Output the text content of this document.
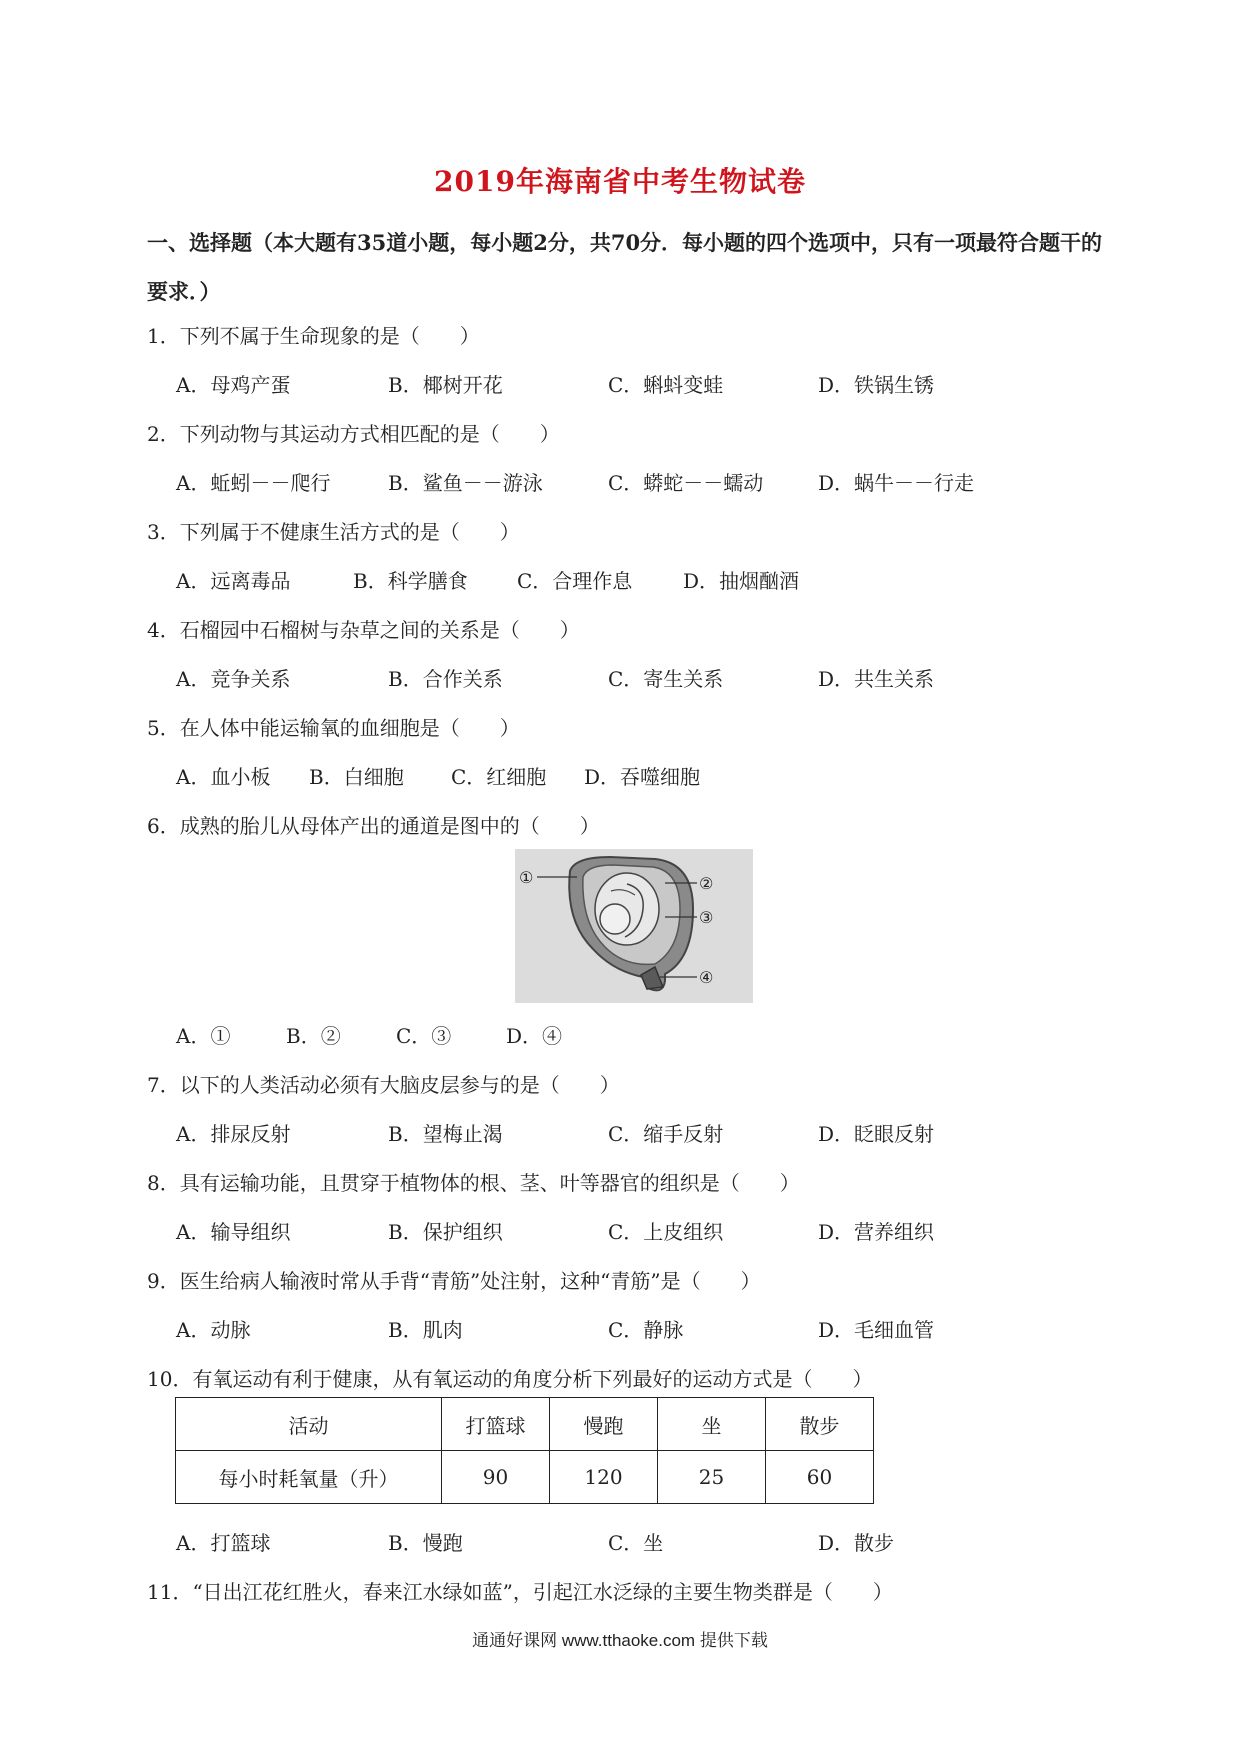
2019年海南省中考生物试卷
一、选择题（本大题有35道小题，每小题2分，共70分．每小题的四个选项中，只有一项最符合题干的要求．）
1．下列不属于生命现象的是（　　）
A．母鸡产蛋	B．椰树开花	C．蝌蚪变蛙	D．铁锅生锈
2．下列动物与其运动方式相匹配的是（　　）
A．蚯蚓－－爬行	B．鲨鱼－－游泳	C．蟒蛇－－蠕动	D．蜗牛－－行走
3．下列属于不健康生活方式的是（　　）
A．远离毒品	B．科学膳食 C．合理作息	D．抽烟酗酒
4．石榴园中石榴树与杂草之间的关系是（　　）
A．竞争关系	B．合作关系	C．寄生关系	D．共生关系
5．在人体中能运输氧的血细胞是（　　）
A．血小板 B．白细胞 C．红细胞 D．吞噬细胞
6．成熟的胎儿从母体产出的通道是图中的（　　）
①	②
③
④
A．①	B．②	C．③	D．④
7．以下的人类活动必须有大脑皮层参与的是（　　）
A．排尿反射	B．望梅止渴	C．缩手反射	D．眨眼反射
8．具有运输功能，且贯穿于植物体的根、茎、叶等器官的组织是（　　）
A．输导组织	B．保护组织	C．上皮组织	D．营养组织
9．医生给病人输液时常从手背“青筋”处注射，这种“青筋”是（　　）
A．动脉	B．肌肉	C．静脉	D．毛细血管
10．有氧运动有利于健康，从有氧运动的角度分析下列最好的运动方式是（　　）
活动	打篮球	慢跑	坐	散步
每小时耗氧量（升）	90	120	25	60
A．打篮球	B．慢跑	C．坐	D．散步
11．“日出江花红胜火，春来江水绿如蓝”，引起江水泛绿的主要生物类群是（　　）
通通好课网 www.tthaoke.com 提供下载
